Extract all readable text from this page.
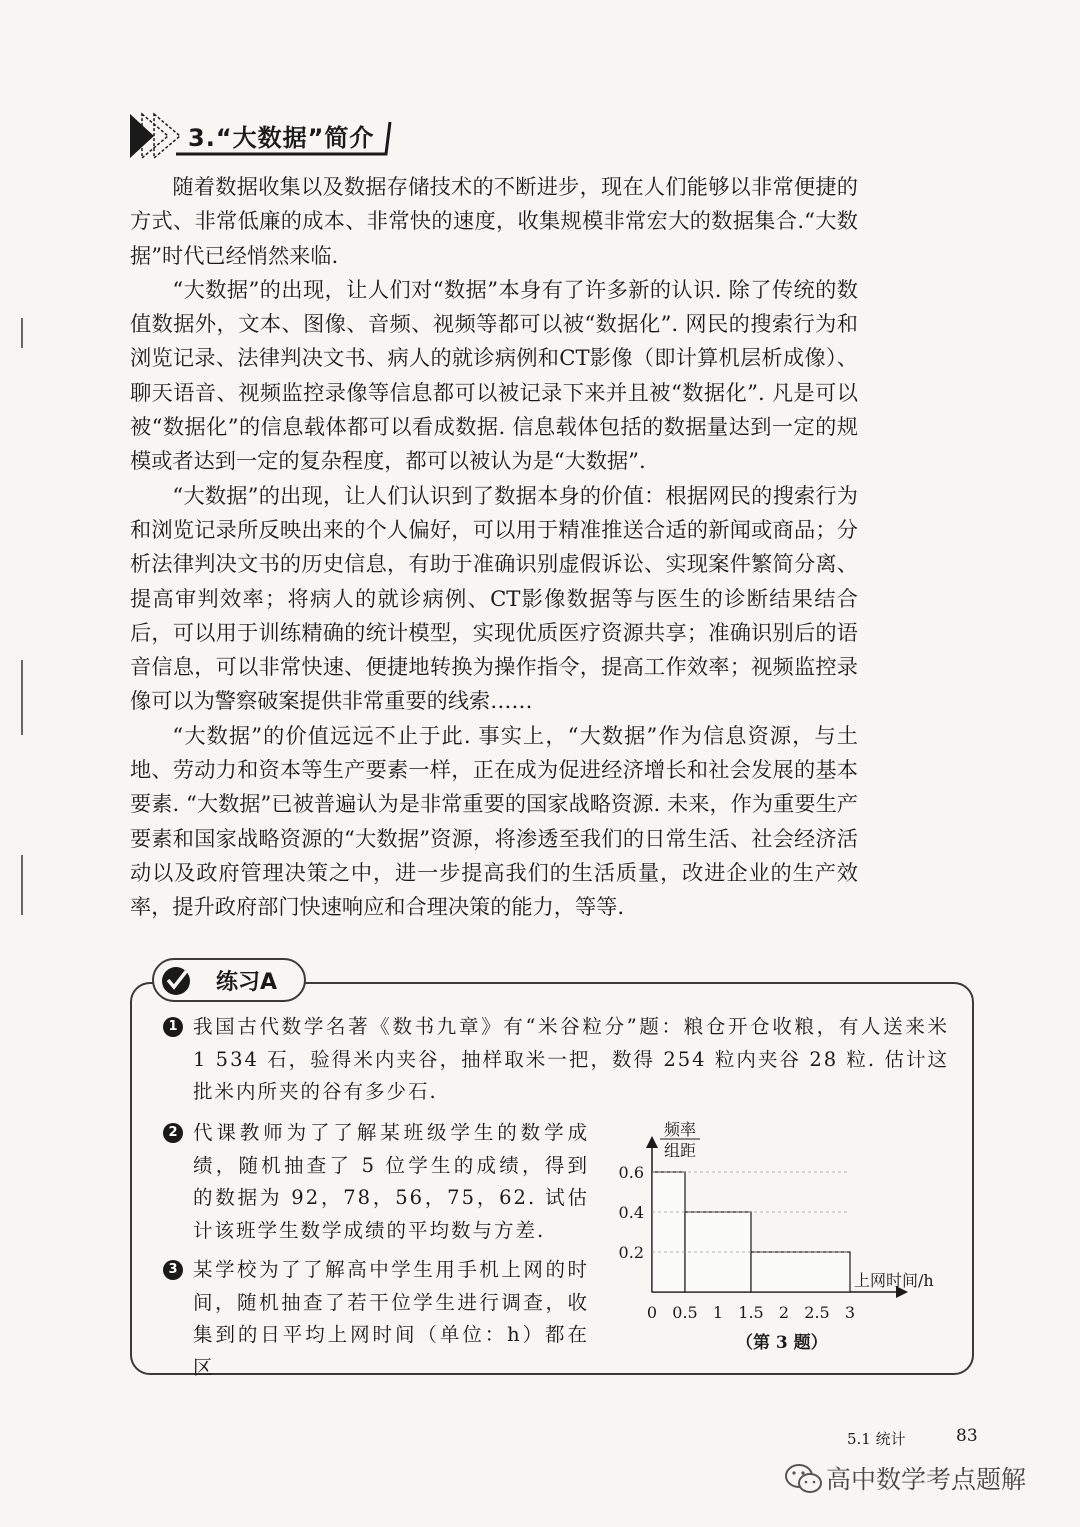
3.“大数据”简介

随着数据收集以及数据存储技术的不断进步，现在人们能够以非常便捷的方式、非常低廉的成本、非常快的速度，收集规模非常宏大的数据集合.“大数据”时代已经悄然来临.

“大数据”的出现，让人们对“数据”本身有了许多新的认识. 除了传统的数值数据外，文本、图像、音频、视频等都可以被“数据化”. 网民的搜索行为和浏览记录、法律判决文书、病人的就诊病例和CT影像（即计算机层析成像）、聊天语音、视频监控录像等信息都可以被记录下来并且被“数据化”. 凡是可以被“数据化”的信息载体都可以看成数据. 信息载体包括的数据量达到一定的规模或者达到一定的复杂程度，都可以被认为是“大数据”.

“大数据”的出现，让人们认识到了数据本身的价值：根据网民的搜索行为和浏览记录所反映出来的个人偏好，可以用于精准推送合适的新闻或商品；分析法律判决文书的历史信息，有助于准确识别虚假诉讼、实现案件繁简分离、提高审判效率；将病人的就诊病例、CT影像数据等与医生的诊断结果结合后，可以用于训练精确的统计模型，实现优质医疗资源共享；准确识别后的语音信息，可以非常快速、便捷地转换为操作指令，提高工作效率；视频监控录像可以为警察破案提供非常重要的线索……

“大数据”的价值远远不止于此. 事实上，“大数据”作为信息资源，与土地、劳动力和资本等生产要素一样，正在成为促进经济增长和社会发展的基本要素. “大数据”已被普遍认为是非常重要的国家战略资源. 未来，作为重要生产要素和国家战略资源的“大数据”资源，将渗透至我们的日常生活、社会经济活动以及政府管理决策之中，进一步提高我们的生活质量，改进企业的生产效率，提升政府部门快速响应和合理决策的能力，等等.

练习A
1 我国古代数学名著《数书九章》有“米谷粒分”题：粮仓开仓收粮，有人送来米 1 534 石，验得米内夹谷，抽样取米一把，数得 254 粒内夹谷 28 粒. 估计这批米内所夹的谷有多少石.
2 代课教师为了了解某班级学生的数学成绩，随机抽查了 5 位学生的成绩，得到的数据为 92，78，56，75，62. 试估计该班学生数学成绩的平均数与方差.
3 某学校为了了解高中学生用手机上网的时间，随机抽查了若干位学生进行调查，收集到的日平均上网时间（单位：h）都在区
频率
组距
上网时间/h
（第 3 题）
0.2
0.4
0.6
0 0.5 1 1.5 2 2.5 3
5.1 统计	83
高中数学考点题解
